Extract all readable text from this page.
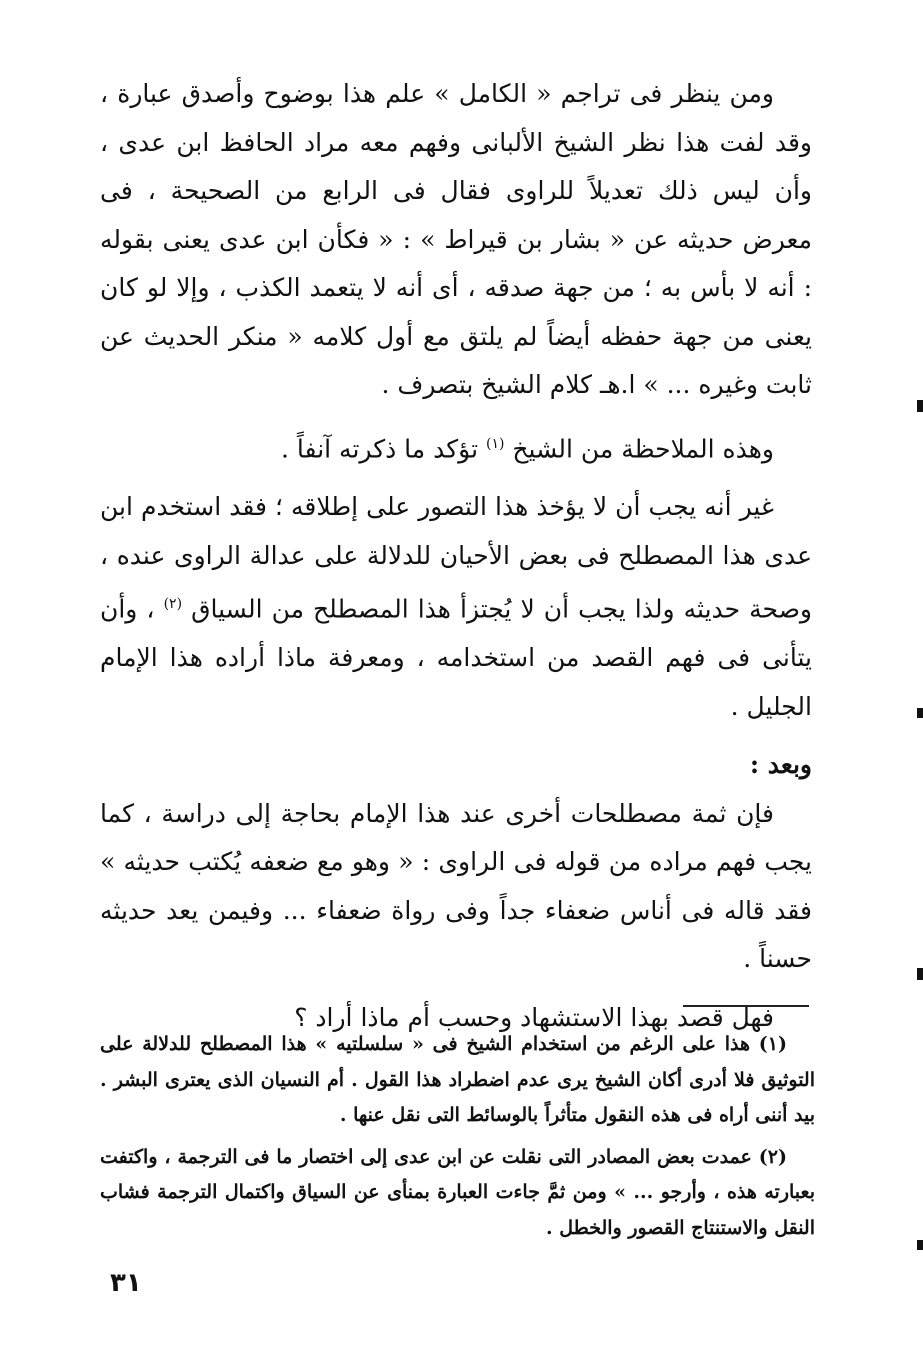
ومن ينظر فى تراجم « الكامل » علم هذا بوضوح وأصدق عبارة ، وقد لفت هذا نظر الشيخ الألبانى وفهم معه مراد الحافظ ابن عدى ، وأن ليس ذلك تعديلاً للراوى فقال فى الرابع من الصحيحة ، فى معرض حديثه عن « بشار بن قيراط » : « فكأن ابن عدى يعنى بقوله : أنه لا بأس به ؛ من جهة صدقه ، أى أنه لا يتعمد الكذب ، وإلا لو كان يعنى من جهة حفظه أيضاً لم يلتق مع أول كلامه « منكر الحديث عن ثابت وغيره ... » ا.هـ كلام الشيخ بتصرف .

وهذه الملاحظة من الشيخ $^{(١)}$ تؤكد ما ذكرته آنفاً .

غير أنه يجب أن لا يؤخذ هذا التصور على إطلاقه ؛ فقد استخدم ابن عدى هذا المصطلح فى بعض الأحيان للدلالة على عدالة الراوى عنده ، وصحة حديثه ولذا يجب أن لا يُجتزأ هذا المصطلح من السياق $^{(٢)}$ ، وأن يتأنى فى فهم القصد من استخدامه ، ومعرفة ماذا أراده هذا الإمام الجليل .

وبعد :

فإن ثمة مصطلحات أخرى عند هذا الإمام بحاجة إلى دراسة ، كما يجب فهم مراده من قوله فى الراوى : « وهو مع ضعفه يُكتب حديثه » فقد قاله فى أناس ضعفاء جداً وفى رواة ضعفاء ... وفيمن يعد حديثه حسناً .

فهل قصد بهذا الاستشهاد وحسب أم ماذا أراد ؟

(١) هذا على الرغم من استخدام الشيخ فى « سلسلتيه » هذا المصطلح للدلالة على التوثيق فلا أدرى أكان الشيخ يرى عدم اضطراد هذا القول . أم النسيان الذى يعترى البشر . بيد أننى أراه فى هذه النقول متأثراً بالوسائط التى نقل عنها .

(٢) عمدت بعض المصادر التى نقلت عن ابن عدى إلى اختصار ما فى الترجمة ، واكتفت بعبارته هذه ، وأرجو ... » ومن ثمَّ جاءت العبارة بمنأى عن السياق واكتمال الترجمة فشاب النقل والاستنتاج القصور والخطل .

٣١
